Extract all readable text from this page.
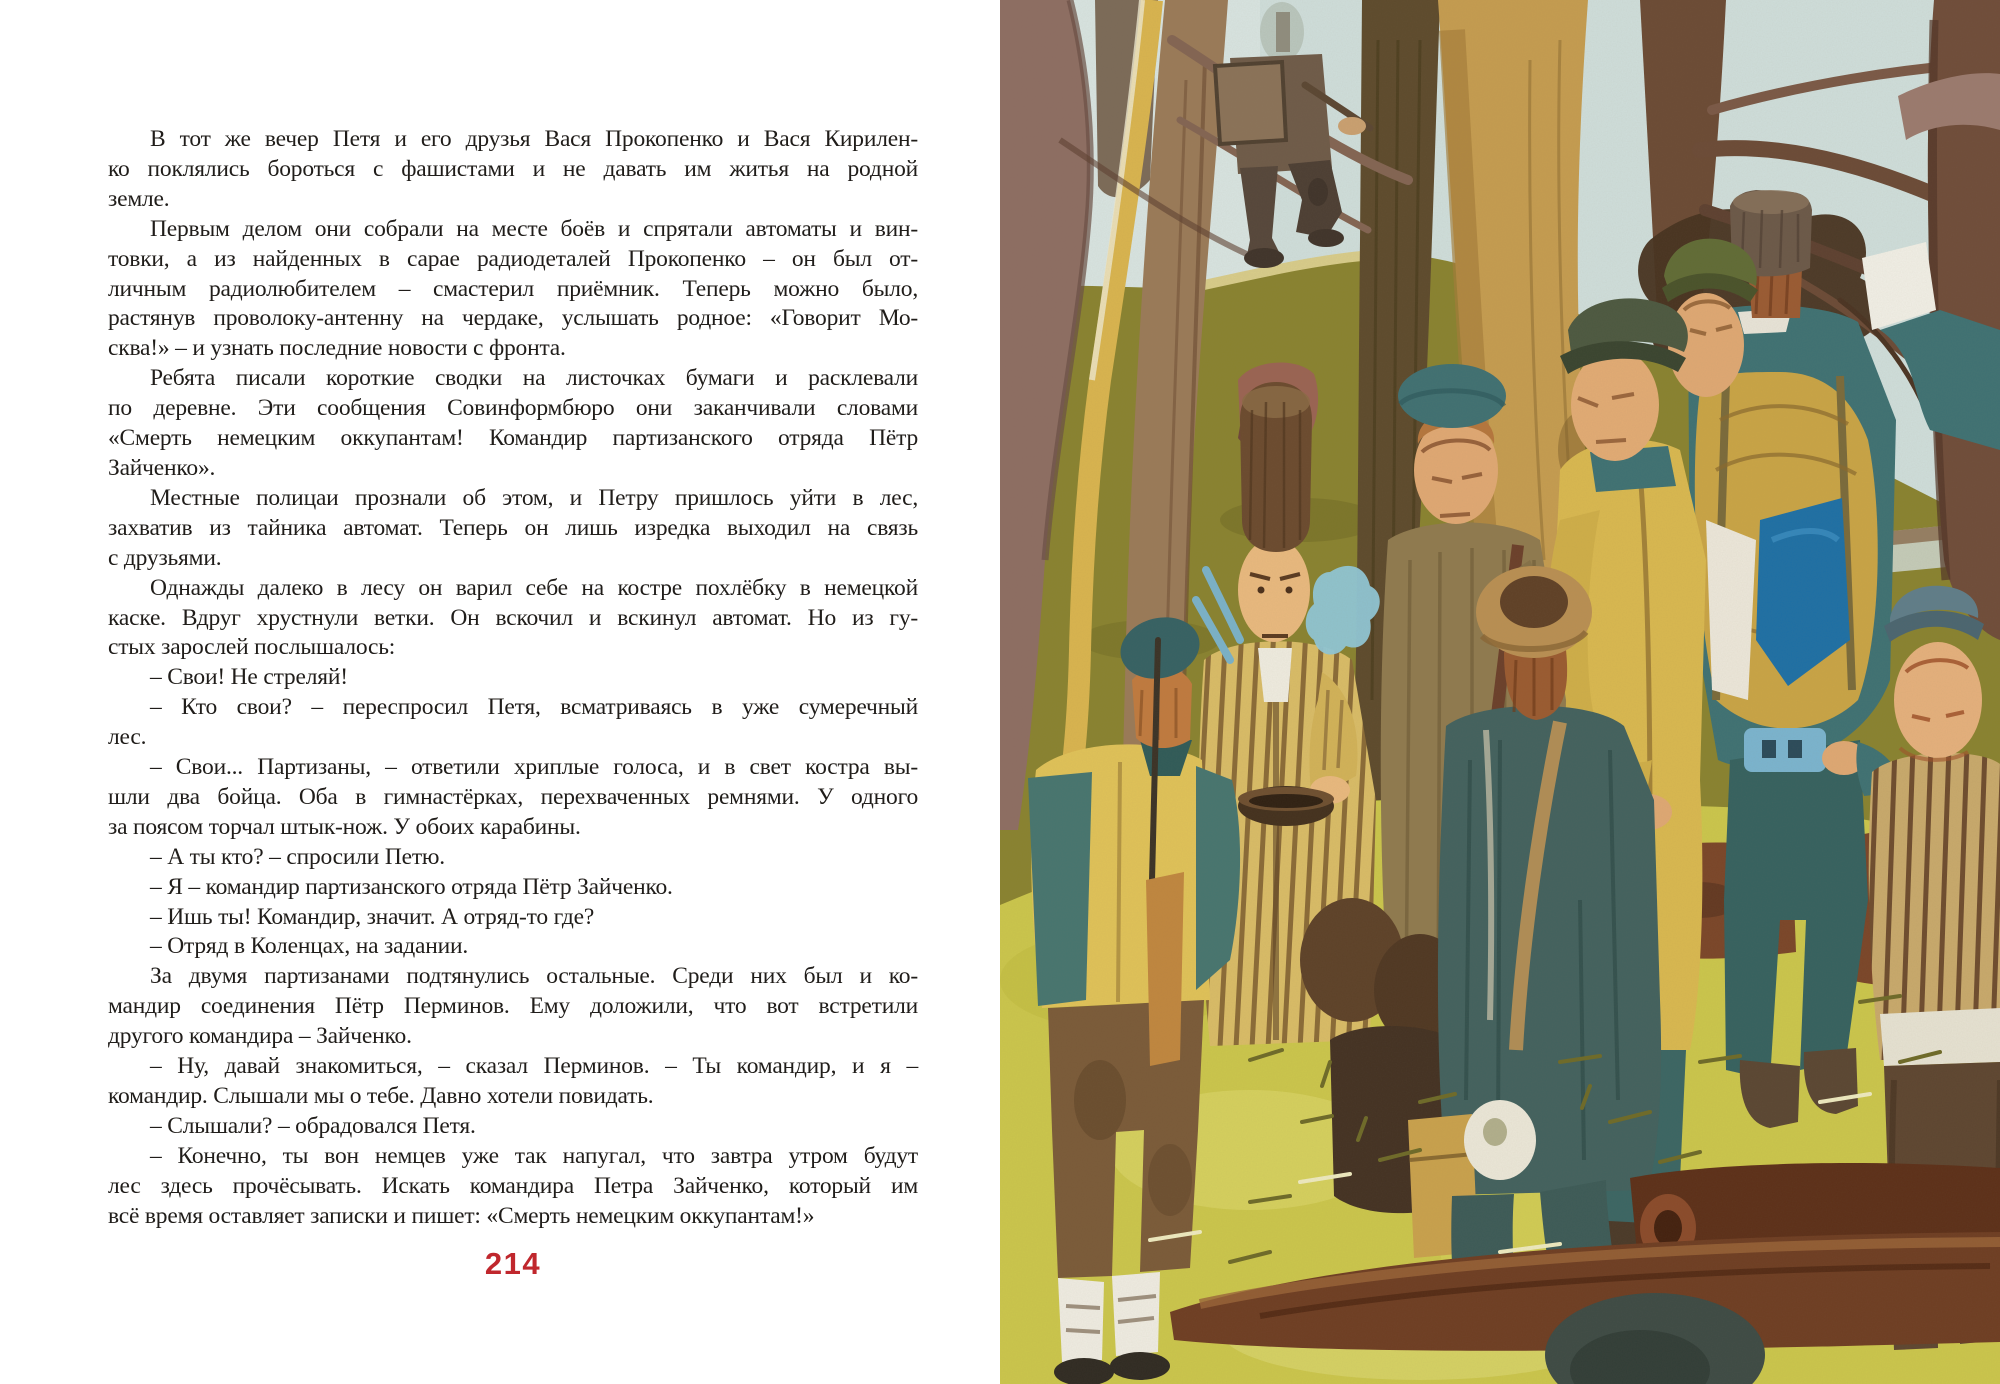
В тот же вечер Петя и его друзья Вася Прокопенко и Вася Кирилен-
ко поклялись бороться с фашистами и не давать им житья на родной
земле.
Первым делом они собрали на месте боёв и спрятали автоматы и вин-
товки, а из найденных в сарае радиодеталей Прокопенко – он был от-
личным радиолюбителем – смастерил приёмник. Теперь можно было,
растянув проволоку-антенну на чердаке, услышать родное: «Говорит Мо-
сква!» – и узнать последние новости с фронта.
Ребята писали короткие сводки на листочках бумаги и расклевали
по деревне. Эти сообщения Совинформбюро они заканчивали словами
«Смерть немецким оккупантам! Командир партизанского отряда Пётр
Зайченко».
Местные полицаи прознали об этом, и Петру пришлось уйти в лес,
захватив из тайника автомат. Теперь он лишь изредка выходил на связь
с друзьями.
Однажды далеко в лесу он варил себе на костре похлёбку в немецкой
каске. Вдруг хрустнули ветки. Он вскочил и вскинул автомат. Но из гу-
стых зарослей послышалось:
– Свои! Не стреляй!
– Кто свои? – переспросил Петя, всматриваясь в уже сумеречный
лес.
– Свои... Партизаны, – ответили хриплые голоса, и в свет костра вы-
шли два бойца. Оба в гимнастёрках, перехваченных ремнями. У одного
за поясом торчал штык-нож. У обоих карабины.
– А ты кто? – спросили Петю.
– Я – командир партизанского отряда Пётр Зайченко.
– Ишь ты! Командир, значит. А отряд-то где?
– Отряд в Коленцах, на задании.
За двумя партизанами подтянулись остальные. Среди них был и ко-
мандир соединения Пётр Перминов. Ему доложили, что вот встретили
другого командира – Зайченко.
– Ну, давай знакомиться, – сказал Перминов. – Ты командир, и я –
командир. Слышали мы о тебе. Давно хотели повидать.
– Слышали? – обрадовался Петя.
– Конечно, ты вон немцев уже так напугал, что завтра утром будут
лес здесь прочёсывать. Искать командира Петра Зайченко, который им
всё время оставляет записки и пишет: «Смерть немецким оккупантам!»
214
